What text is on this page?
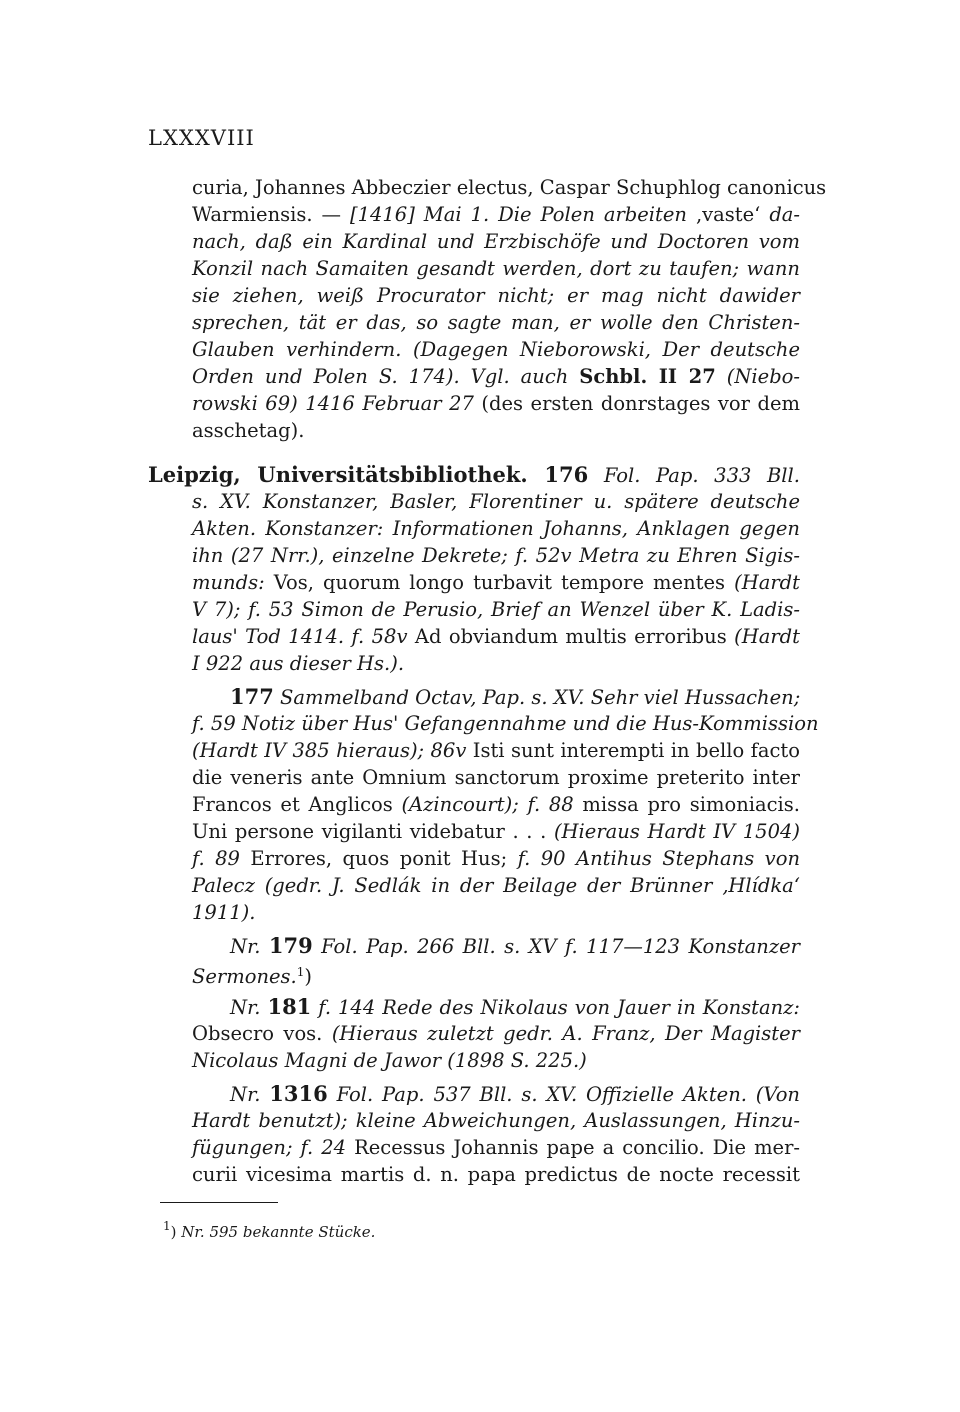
LXXXVIII
curia, Johannes Abbeczier electus, Caspar Schuphlog canonicus
Warmiensis. — [1416] Mai 1. Die Polen arbeiten ‚vaste‘ da-
nach, daß ein Kardinal und Erzbischöfe und Doctoren vom
Konzil nach Samaiten gesandt werden, dort zu taufen; wann
sie ziehen, weiß Procurator nicht; er mag nicht dawider
sprechen, tät er das, so sagte man, er wolle den Christen-
Glauben verhindern. (Dagegen Nieborowski, Der deutsche
Orden und Polen S. 174). Vgl. auch Schbl. II 27 (Niebo-
rowski 69) 1416 Februar 27 (des ersten donrstages vor dem
asschetag).
Leipzig, Universitätsbibliothek. 176 Fol. Pap. 333 Bll.
s. XV. Konstanzer, Basler, Florentiner u. spätere deutsche
Akten. Konstanzer: Informationen Johanns, Anklagen gegen
ihn (27 Nrr.), einzelne Dekrete; f. 52v Metra zu Ehren Sigis-
munds: Vos, quorum longo turbavit tempore mentes (Hardt
V 7); f. 53 Simon de Perusio, Brief an Wenzel über K. Ladis-
laus' Tod 1414. f. 58v Ad obviandum multis erroribus (Hardt
I 922 aus dieser Hs.).
177 Sammelband Octav, Pap. s. XV. Sehr viel Hussachen;
f. 59 Notiz über Hus' Gefangennahme und die Hus-Kommission
(Hardt IV 385 hieraus); 86v Isti sunt interempti in bello facto
die veneris ante Omnium sanctorum proxime preterito inter
Francos et Anglicos (Azincourt); f. 88 missa pro simoniacis.
Uni persone vigilanti videbatur . . . (Hieraus Hardt IV 1504)
f. 89 Errores, quos ponit Hus; f. 90 Antihus Stephans von
Palecz (gedr. J. Sedlák in der Beilage der Brünner ‚Hlídka‘
1911).
Nr. 179 Fol. Pap. 266 Bll. s. XV f. 117—123 Konstanzer
Sermones.$^1$)
Nr. 181 f. 144 Rede des Nikolaus von Jauer in Konstanz:
Obsecro vos. (Hieraus zuletzt gedr. A. Franz, Der Magister
Nicolaus Magni de Jawor (1898 S. 225.)
Nr. 1316 Fol. Pap. 537 Bll. s. XV. Offizielle Akten. (Von
Hardt benutzt); kleine Abweichungen, Auslassungen, Hinzu-
fügungen; f. 24 Recessus Johannis pape a concilio. Die mer-
curii vicesima martis d. n. papa predictus de nocte recessit
$^1$) Nr. 595 bekannte Stücke.
